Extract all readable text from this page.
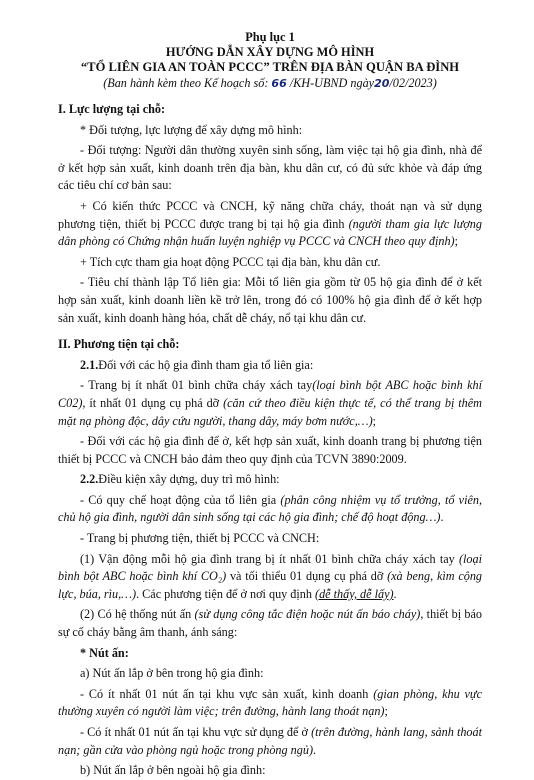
Phụ lục 1
HƯỚNG DẪN XÂY DỰNG MÔ HÌNH
“TỔ LIÊN GIA AN TOÀN PCCC” TRÊN ĐỊA BÀN QUẬN BA ĐÌNH
(Ban hành kèm theo Kế hoạch số: 66 /KH-UBND ngày20/02/2023)
I. Lực lượng tại chỗ:

* Đối tượng, lực lượng để xây dựng mô hình:

- Đối tượng: Người dân thường xuyên sinh sống, làm việc tại hộ gia đình, nhà để ở kết hợp sản xuất, kinh doanh trên địa bàn, khu dân cư, có đủ sức khỏe và đáp ứng các tiêu chí cơ bản sau:

+ Có kiến thức PCCC và CNCH, kỹ năng chữa cháy, thoát nạn và sử dụng phương tiện, thiết bị PCCC được trang bị tại hộ gia đình (người tham gia lực lượng dân phòng có Chứng nhận huấn luyện nghiệp vụ PCCC và CNCH theo quy định);

+ Tích cực tham gia hoạt động PCCC tại địa bàn, khu dân cư.

- Tiêu chí thành lập Tổ liên gia: Mỗi tổ liên gia gồm từ 05 hộ gia đình để ở kết hợp sản xuất, kinh doanh liền kề trở lên, trong đó có 100% hộ gia đình để ở kết hợp sản xuất, kinh doanh hàng hóa, chất dễ cháy, nổ tại khu dân cư.

II. Phương tiện tại chỗ:

2.1.Đối với các hộ gia đình tham gia tổ liên gia:

- Trang bị ít nhất 01 bình chữa cháy xách tay(loại bình bột ABC hoặc bình khí C02), ít nhất 01 dụng cụ phá dỡ (căn cứ theo điều kiện thực tế, có thể trang bị thêm mặt nạ phòng độc, dây cứu người, thang dây, máy bơm nước,…);

- Đối với các hộ gia đình để ở, kết hợp sản xuất, kinh doanh trang bị phương tiện thiết bị PCCC và CNCH bảo đảm theo quy định của TCVN 3890:2009.

2.2.Điều kiện xây dựng, duy trì mô hình:

- Có quy chế hoạt động của tổ liên gia (phân công nhiệm vụ tổ trưởng, tổ viên, chủ hộ gia đình, người dân sinh sống tại các hộ gia đình; chế độ hoạt động…).

- Trang bị phương tiện, thiết bị PCCC và CNCH:

(1) Vận động mỗi hộ gia đình trang bị ít nhất 01 bình chữa cháy xách tay (loại bình bột ABC hoặc bình khí CO₂) và tối thiểu 01 dụng cụ phá dỡ (xà beng, kìm cộng lực, búa, rìu,…). Các phương tiện để ở nơi quy định (dễ thấy, dễ lấy).

(2) Có hệ thống nút ấn (sử dụng công tắc điện hoặc nút ấn báo cháy), thiết bị báo sự cố cháy bằng âm thanh, ánh sáng:

* Nút ấn:

a) Nút ấn lắp ở bên trong hộ gia đình:

- Có ít nhất 01 nút ấn tại khu vực sản xuất, kinh doanh (gian phòng, khu vực thường xuyên có người làm việc; trên đường, hành lang thoát nạn);

- Có ít nhất 01 nút ấn tại khu vực sử dụng để ở (trên đường, hành lang, sảnh thoát nạn; gần cửa vào phòng ngủ hoặc trong phòng ngủ).

b) Nút ấn lắp ở bên ngoài hộ gia đình:
